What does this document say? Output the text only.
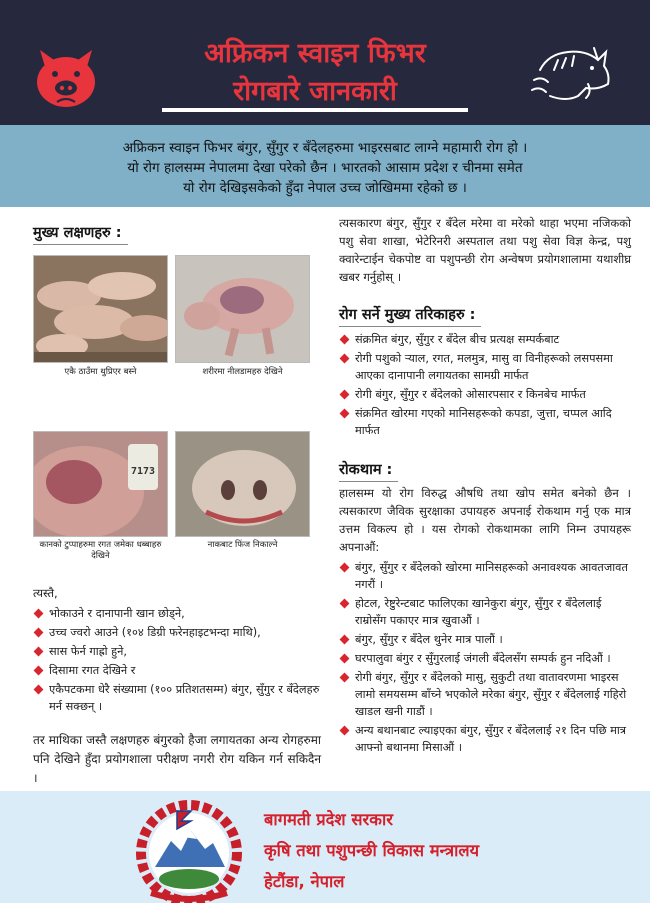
अफ्रिकन स्वाइन फिभर
रोगबारे जानकारी

अफ्रिकन स्वाइन फिभर बंगुर, सुँगुर र बँदेलहरुमा भाइरसबाट लाग्ने महामारी रोग हो ।

यो रोग हालसम्म नेपालमा देखा परेको छैन । भारतको आसाम प्रदेश र चीनमा समेत

यो रोग देखिइसकेको हुँदा नेपाल उच्च जोखिममा रहेको छ ।

मुख्य लक्षणहरु :
एकै ठाउँमा थुप्रिएर बस्ने	शरीरमा नीलडामहरु देखिने
7173
कानको टुप्पाहरुमा रगत जमेका धब्बाहरु देखिने
नाकबाट फिंज निकाल्ने
त्यस्तै,
भोकाउने र दानापानी खान छोड्ने,
उच्च ज्वरो आउने (१०४ डिग्री फरेनहाइटभन्दा माथि),
सास फेर्न गाह्रो हुने,
दिसामा रगत देखिने र
एकैपटकमा धेरै संख्यामा (१०० प्रतिशतसम्म) बंगुर, सुँगुर र बँदेलहरु मर्न सक्छन् ।

तर माथिका जस्तै लक्षणहरु बंगुरको हैजा लगायतका अन्य रोगहरुमा पनि देखिने हुँदा प्रयोगशाला परीक्षण नगरी रोग यकिन गर्न सकिदैन ।

त्यसकारण बंगुर, सुँगुर र बँदेल मरेमा वा मरेको थाहा भएमा नजिकको पशु सेवा शाखा, भेटेरिनरी अस्पताल तथा पशु सेवा विज्ञ केन्द्र, पशु क्वारेन्टाईन चेकपोष्ट वा पशुपन्छी रोग अन्वेषण प्रयोगशालामा यथाशीघ्र खबर गर्नुहोस् ।

रोग सर्ने मुख्य तरिकाहरु :
संक्रमित बंगुर, सुँगुर र बँदेल बीच प्रत्यक्ष सम्पर्कबाट
रोगी पशुको र्‍याल, रगत, मलमुत्र, मासु वा विनीहरूको लसपसमा आएका दानापानी लगायतका सामग्री मार्फत
रोगी बंगुर, सुँगुर र बँदेलको ओसारपसार र किनबेच मार्फत
संक्रमित खोरमा गएको मानिसहरूको कपडा, जुत्ता, चप्पल आदि मार्फत
रोकथाम :

हालसम्म यो रोग विरुद्ध औषधि तथा खोप समेत बनेको छैन । त्यसकारण जैविक सुरक्षाका उपायहरु अपनाई रोकथाम गर्नु एक मात्र उत्तम विकल्प हो । यस रोगको रोकथामका लागि निम्न उपायहरू अपनाऔं:

बंगुर, सुँगुर र बँदेलको खोरमा मानिसहरूको अनावश्यक आवतजावत नगरौं ।
होटल, रेष्टुरेन्टबाट फालिएका खानेकुरा बंगुर, सुँगुर र बँदेललाई राम्रोसँग पकाएर मात्र खुवाऔं ।
बंगुर, सुँगुर र बँदेल थुनेर मात्र पालौं ।
घरपालुवा बंगुर र सुँगुरलाई जंगली बँदेलसँग सम्पर्क हुन नदिऔं ।
रोगी बंगुर, सुँगुर र बँदेलको मासु, सुकुटी तथा वातावरणमा भाइरस लामो समयसम्म बाँच्ने भएकोले मरेका बंगुर, सुँगुर र बँदेललाई गहिरो खाडल खनी गाडौं ।
अन्य बथानबाट ल्याइएका बंगुर, सुँगुर र बँदेललाई २१ दिन पछि मात्र आफ्नो बथानमा मिसाऔं ।
बागमती प्रदेश सरकार
कृषि तथा पशुपन्छी विकास मन्त्रालय
हेटौंडा, नेपाल
